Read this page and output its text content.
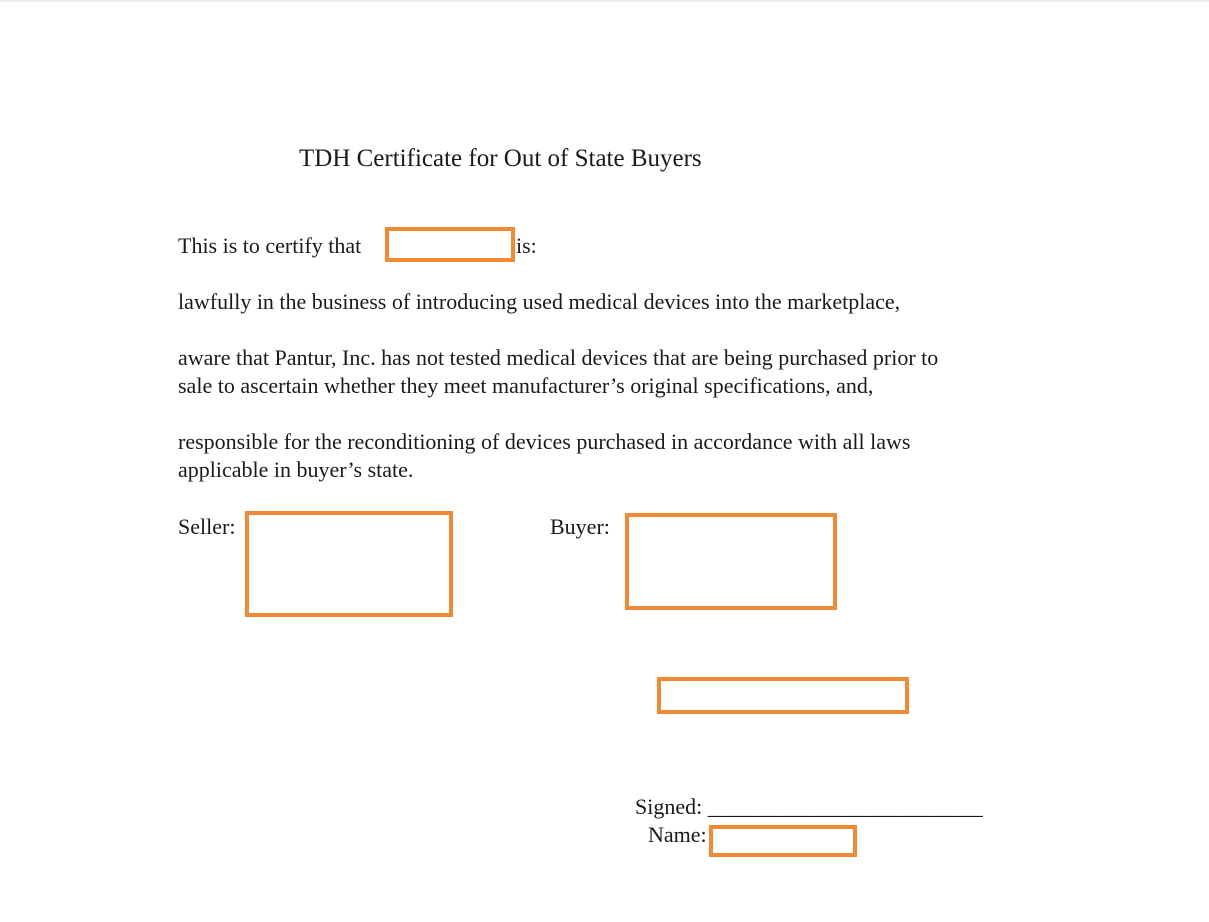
TDH Certificate for Out of State Buyers
This is to certify that	is:
lawfully in the business of introducing used medical devices into the marketplace,
aware that Pantur, Inc. has not tested medical devices that are being purchased prior to
sale to ascertain whether they meet manufacturer’s original specifications, and,
responsible for the reconditioning of devices purchased in accordance with all laws
applicable in buyer’s state.
Seller:	Buyer:
Signed: _________________________
Name:
